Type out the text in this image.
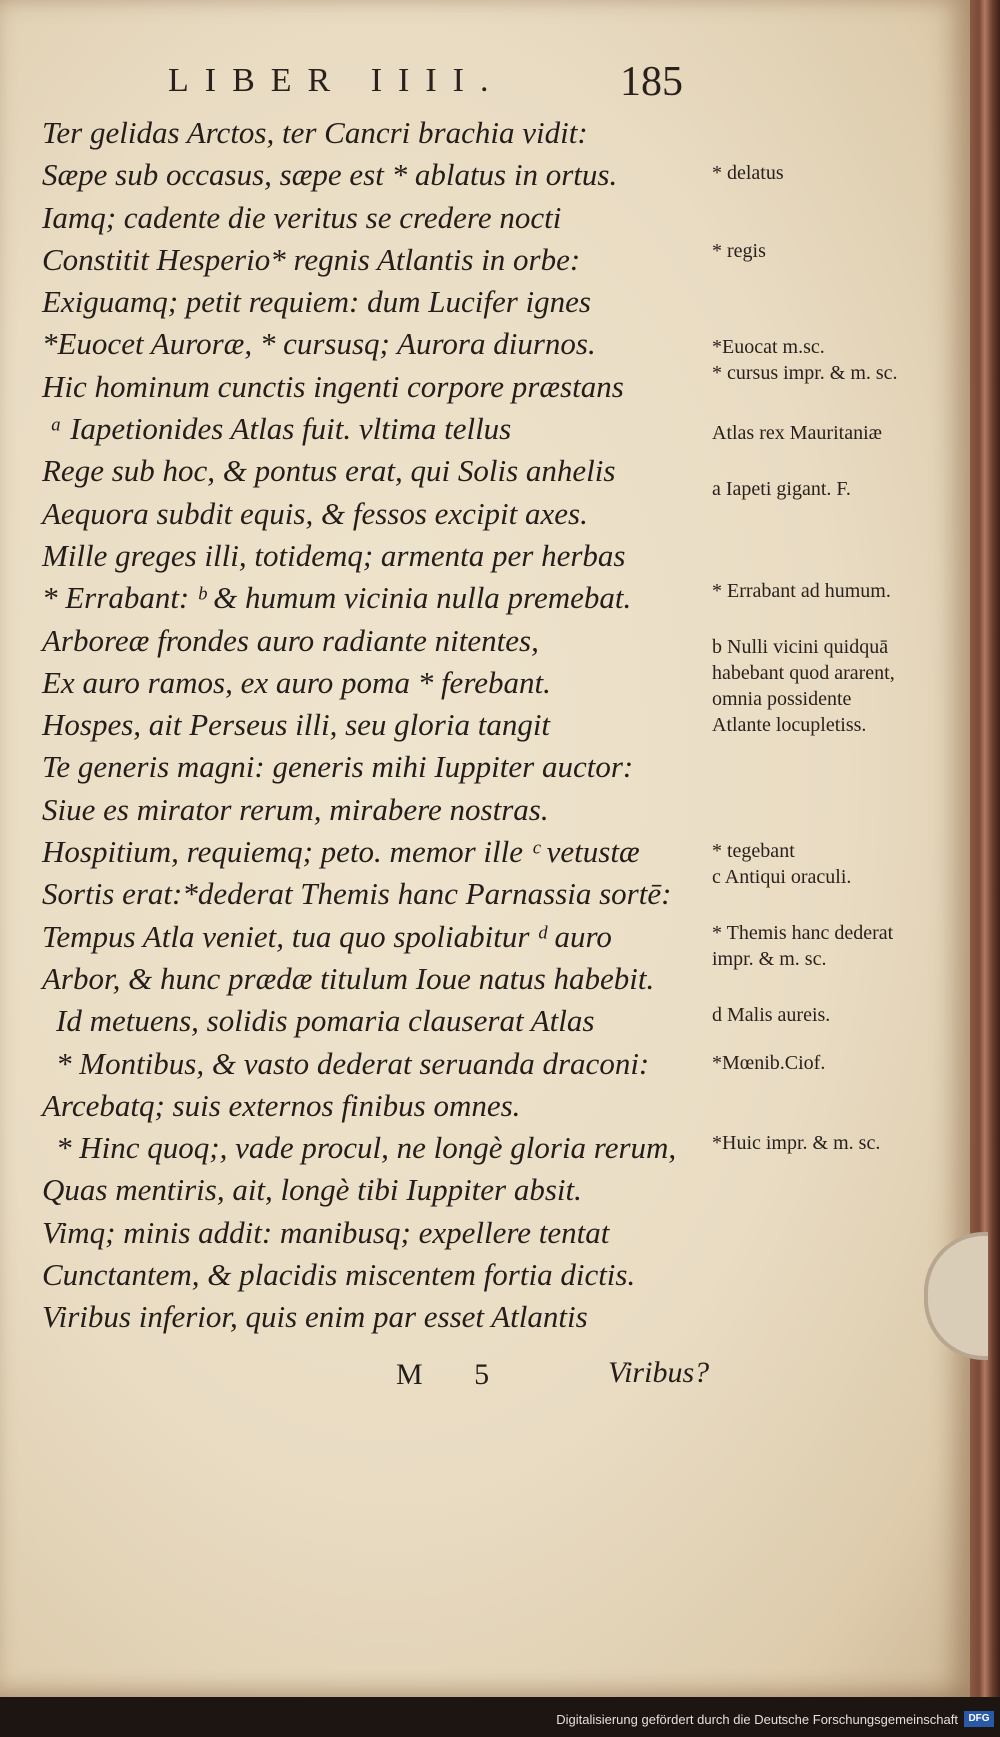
LIBER IIII.	185
Ter gelidas Arctos, ter Cancri brachia vidit:
Sæpe sub occasus, sæpe est * ablatus in ortus.
Iamq; cadente die veritus se credere nocti
Constitit Hesperio* regnis Atlantis in orbe:
Exiguamq; petit requiem: dum Lucifer ignes
*Euocet Auroræ, * cursusq; Aurora diurnos.
Hic hominum cunctis ingenti corpore præstans
ᵃ Iapetionides Atlas fuit. vltima tellus
Rege sub hoc, & pontus erat, qui Solis anhelis
Aequora subdit equis, & fessos excipit axes.
Mille greges illi, totidemq; armenta per herbas
* Errabant: ᵇ & humum vicinia nulla premebat.
Arboreæ frondes auro radiante nitentes,
Ex auro ramos, ex auro poma * ferebant.
Hospes, ait Perseus illi, seu gloria tangit
Te generis magni: generis mihi Iuppiter auctor:
Siue es mirator rerum, mirabere nostras.
Hospitium, requiemq; peto. memor ille ᶜ vetustæ
Sortis erat:*dederat Themis hanc Parnassia sortē:
Tempus Atla veniet, tua quo spoliabitur ᵈ auro
Arbor, & hunc prædæ titulum Ioue natus habebit.
Id metuens, solidis pomaria clauserat Atlas
* Montibus, & vasto dederat seruanda draconi:
Arcebatq; suis externos finibus omnes.
* Hinc quoq;, vade procul, ne longè gloria rerum,
Quas mentiris, ait, longè tibi Iuppiter absit.
Vimq; minis addit: manibusq; expellere tentat
Cunctantem, & placidis miscentem fortia dictis.
Viribus inferior, quis enim par esset Atlantis
* delatus
* regis
*Euocat m.sc.
* cursus impr. & m. sc.
Atlas rex Mauritaniæ
a Iapeti gigant. F.
* Errabant ad humum.
b Nulli vicini quidquā habebant quod ararent, omnia possidente Atlante locupletiss.
* tegebant
c Antiqui oraculi.
* Themis hanc dederat impr. & m. sc.
d Malis aureis.
*Mœnib.Ciof.
*Huic impr. & m. sc.
M 5	Viribus?
Digitalisierung gefördert durch die Deutsche Forschungsgemeinschaft	DFG
